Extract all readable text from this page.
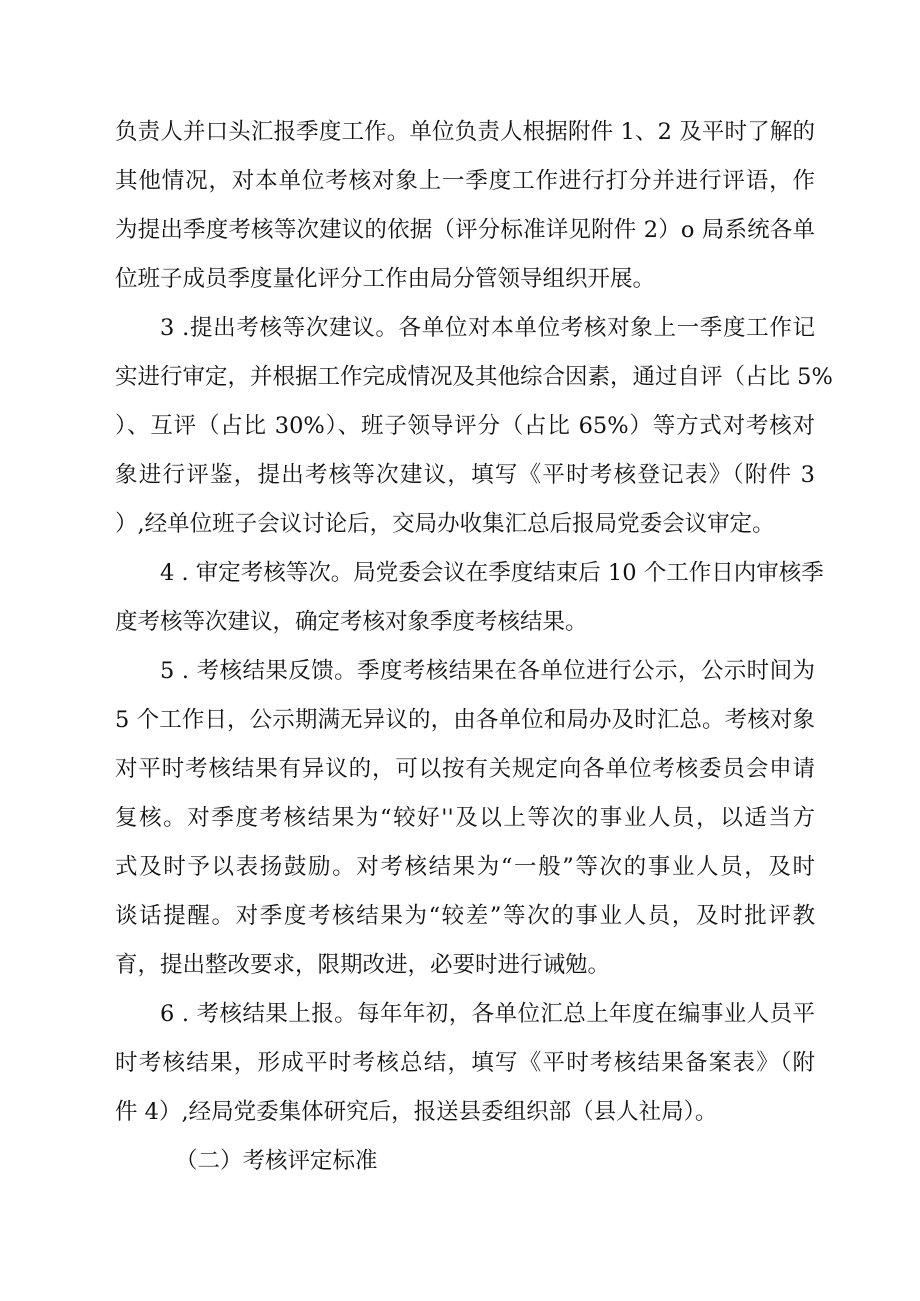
负责人并口头汇报季度工作。单位负责人根据附件 1、2 及平时了解的
其他情况，对本单位考核对象上一季度工作进行打分并进行评语，作
为提出季度考核等次建议的依据（评分标准详见附件 2）o 局系统各单
位班子成员季度量化评分工作由局分管领导组织开展。
3 .提出考核等次建议。各单位对本单位考核对象上一季度工作记
实进行审定，并根据工作完成情况及其他综合因素，通过自评（占比 5%
）、互评（占比 30%）、班子领导评分（占比 65%）等方式对考核对
象进行评鉴，提出考核等次建议，填写《平时考核登记表》（附件 3
）,经单位班子会议讨论后，交局办收集汇总后报局党委会议审定。
4 . 审定考核等次。局党委会议在季度结束后 10 个工作日内审核季
度考核等次建议，确定考核对象季度考核结果。
5 . 考核结果反馈。季度考核结果在各单位进行公示，公示时间为
5 个工作日，公示期满无异议的，由各单位和局办及时汇总。考核对象
对平时考核结果有异议的，可以按有关规定向各单位考核委员会申请
复核。对季度考核结果为“较好''及以上等次的事业人员，以适当方
式及时予以表扬鼓励。对考核结果为“一般”等次的事业人员，及时
谈话提醒。对季度考核结果为“较差”等次的事业人员，及时批评教
育，提出整改要求，限期改进，必要时进行诫勉。
6 . 考核结果上报。每年年初，各单位汇总上年度在编事业人员平
时考核结果，形成平时考核总结，填写《平时考核结果备案表》（附
件 4）,经局党委集体研究后，报送县委组织部（县人社局）。
（二）考核评定标准
